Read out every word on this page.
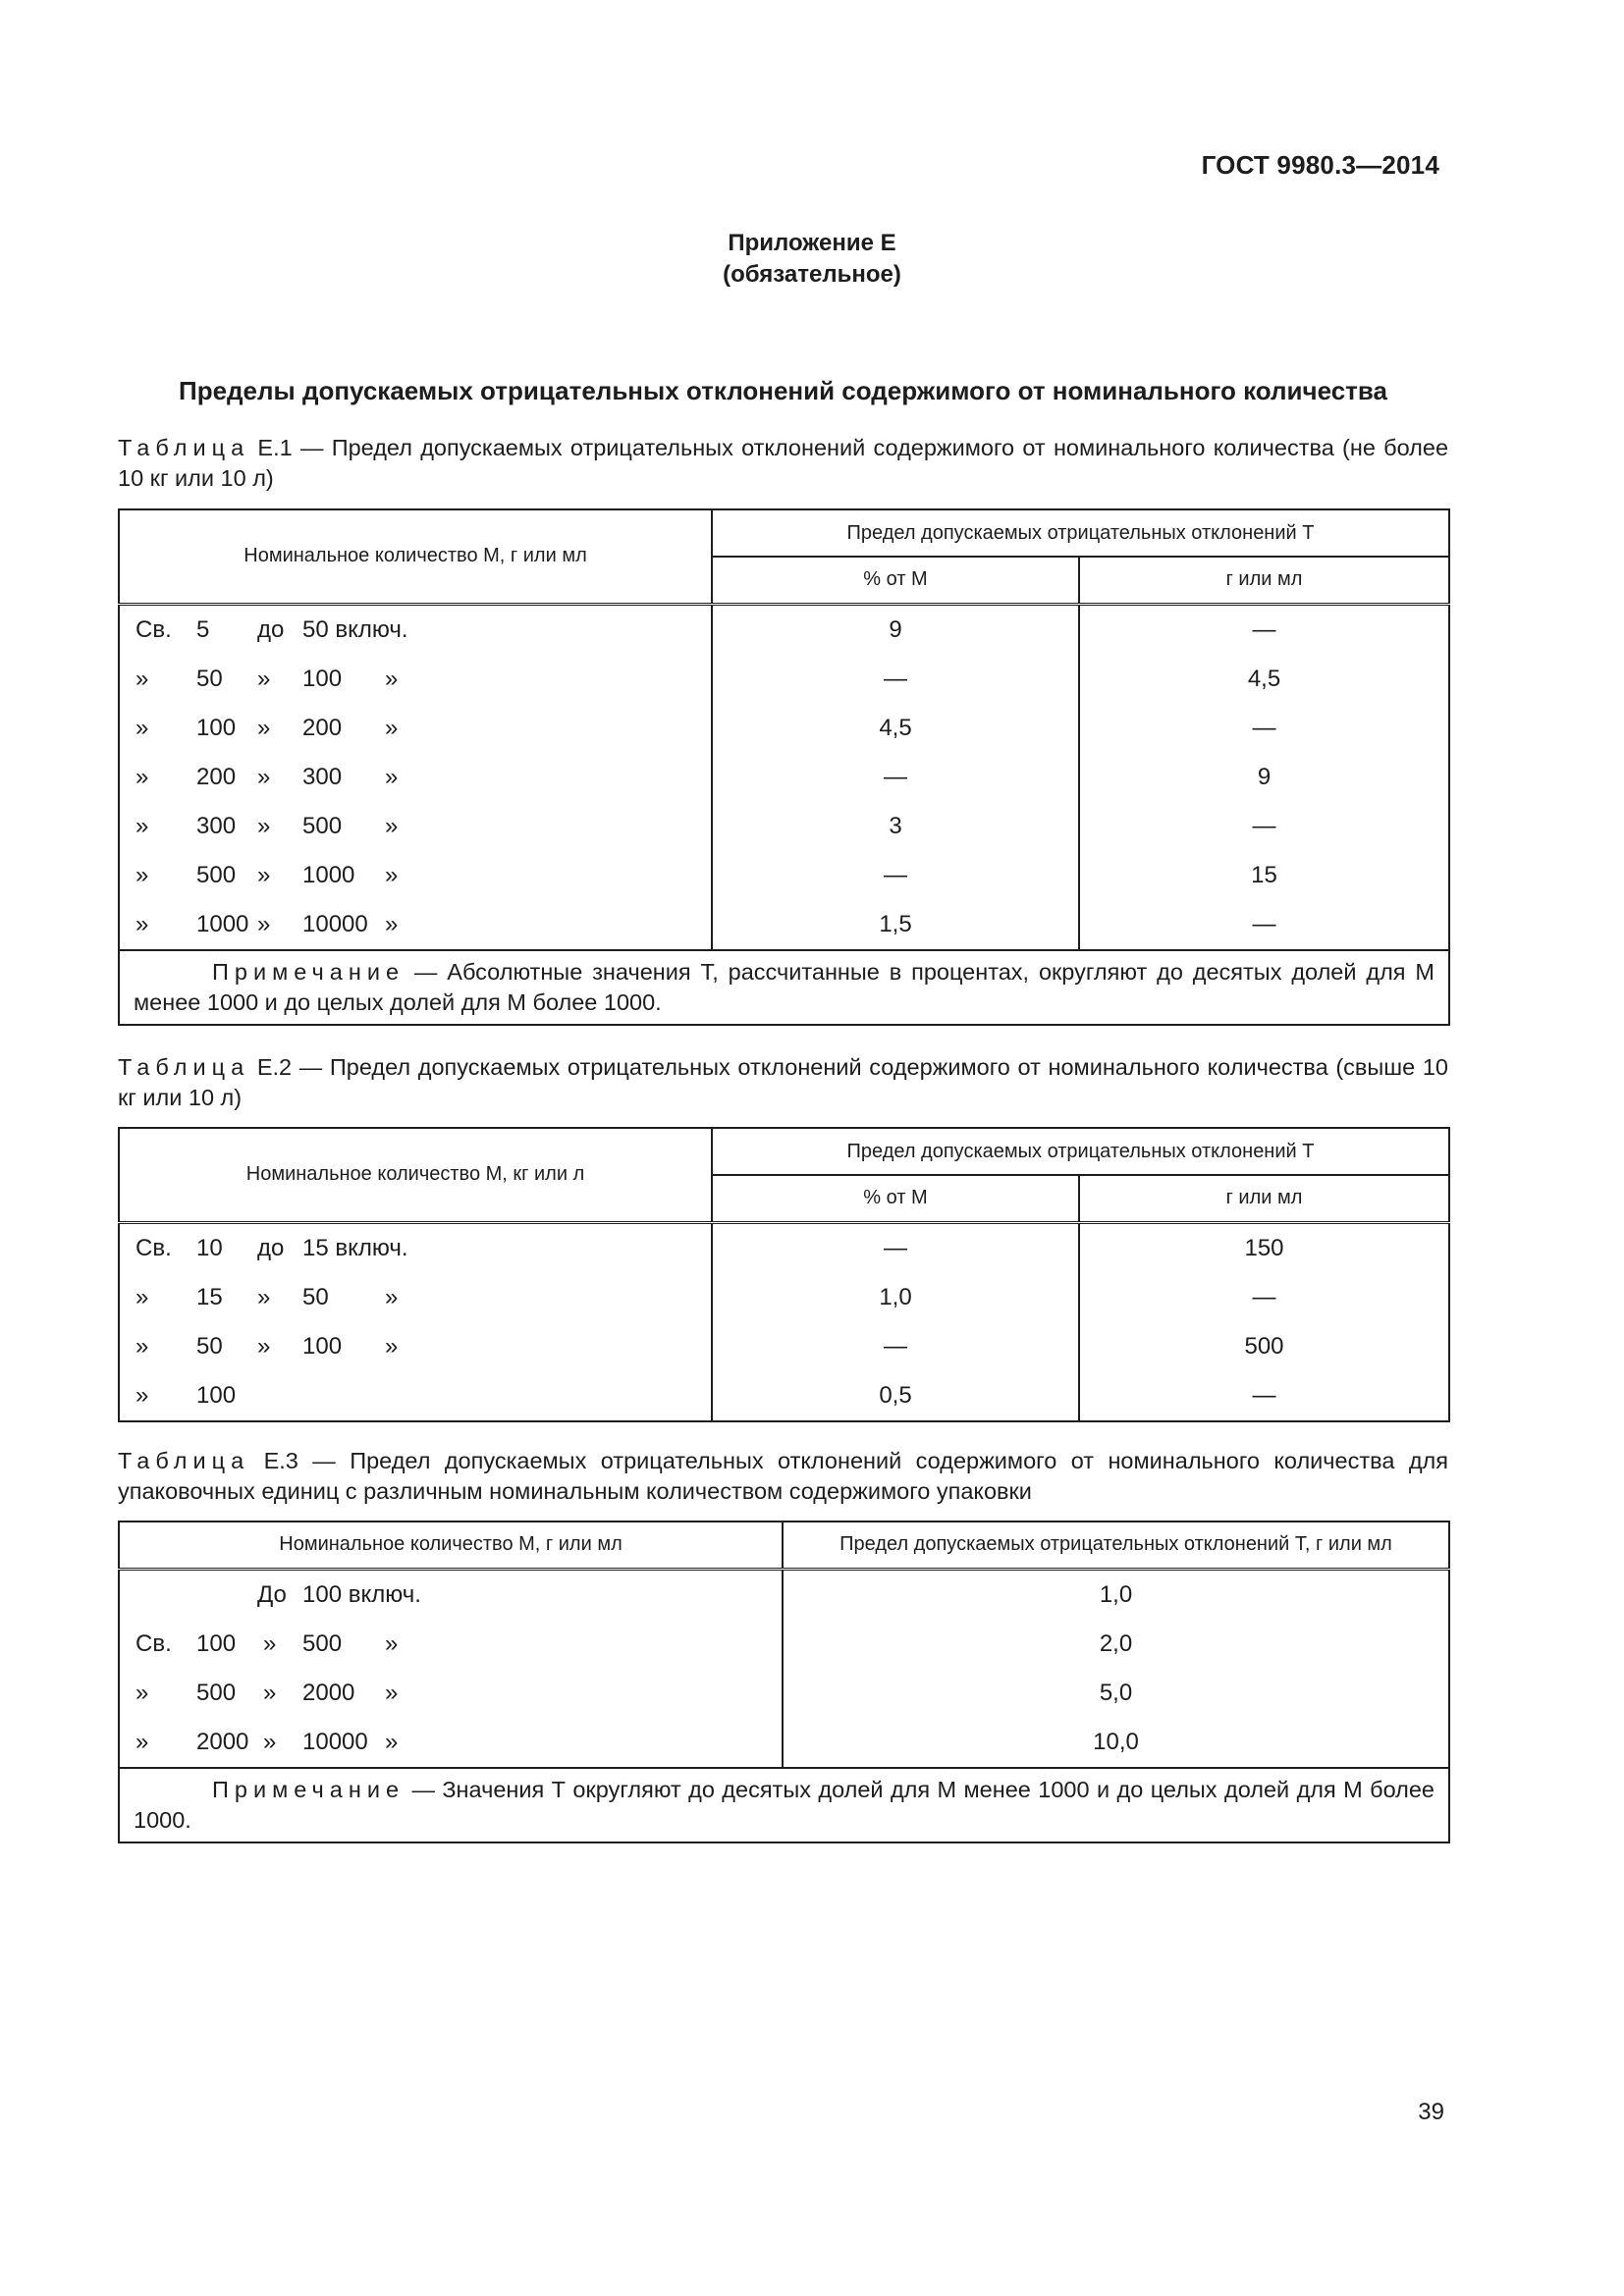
ГОСТ 9980.3—2014
Приложение Е
(обязательное)
Пределы допускаемых отрицательных отклонений содержимого от номинального количества
Таблица Е.1 — Предел допускаемых отрицательных отклонений содержимого от номинального количества (не более 10 кг или 10 л)
Номинальное количество М, г или мл	Предел допускаемых отрицательных отклонений Т	
	% от М	г или мл

Св. 5 до 50 включ.	9	—

» 50 » 100 »	—	4,5

» 100 » 200 »	4,5	—

» 200 » 300 »	—	9

» 300 » 500 »	3	—

» 500 » 1000 »	—	15

» 1000 » 10000 »	1,5	—
Примечание — Абсолютные значения Т, рассчитанные в процентах, округляют до десятых долей для М менее 1000 и до целых долей для М более 1000.		
Таблица Е.2 — Предел допускаемых отрицательных отклонений содержимого от номинального количества (свыше 10 кг или 10 л)
Номинальное количество М, кг или л	Предел допускаемых отрицательных отклонений Т	
	% от М	г или мл

Св. 10 до 15 включ.	—	150

» 15 » 50 »	1,0	—

» 50 » 100 »	—	500

» 100	0,5	—
Таблица Е.3 — Предел допускаемых отрицательных отклонений содержимого от номинального количества для упаковочных единиц с различным номинальным количеством содержимого упаковки
Номинальное количество М, г или мл	Предел допускаемых отрицательных отклонений Т, г или мл

До 100 включ.	1,0

Св. 100 » 500 »	2,0

» 500 » 2000 »	5,0

» 2000 » 10000 »	10,0
Примечание — Значения Т округляют до десятых долей для М менее 1000 и до целых долей для М более 1000.	
39
